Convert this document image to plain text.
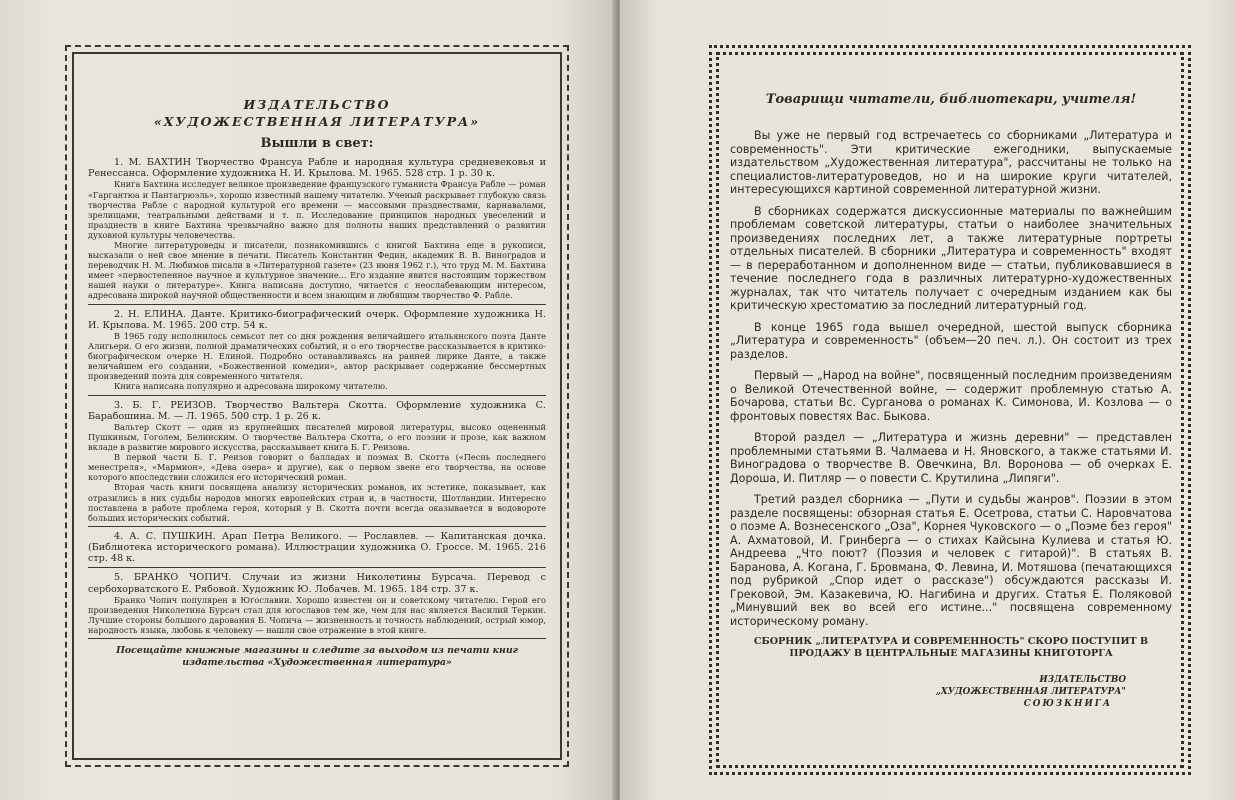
ИЗДАТЕЛЬСТВО
«ХУДОЖЕСТВЕННАЯ ЛИТЕРАТУРА»
Вышли в свет:

1. М. БАХТИН Творчество Франсуа Рабле и народная культура средневековья и Ренессанса. Оформление художника Н. И. Крылова. М. 1965. 528 стр. 1 р. 30 к.

Книга Бахтина исследует великое произведение французского гуманиста Франсуа Рабле — роман «Гаргантюа и Пантагрюэль», хорошо известный нашему читателю. Ученый раскрывает глубокую связь творчества Рабле с народной культурой его времени — массовыми празднествами, карнавалами, зрелищами, театральными действами и т. п. Исследование принципов народных увеселений и празднеств в книге Бахтина чрезвычайно важно для полноты наших представлений о развитии духовной культуры человечества.

Многие литературоведы и писатели, познакомившись с книгой Бахтина еще в рукописи, высказали о ней свое мнение в печати. Писатель Константин Федин, академик В. В. Виноградов и переводчик Н. М. Любимов писали в «Литературной газете» (23 июня 1962 г.), что труд М. М. Бахтина имеет «первостепенное научное и культурное значение... Его издание явится настоящим торжеством нашей науки о литературе». Книга написана доступно, читается с неослабевающим интересом, адресована широкой научной общественности и всем знающим и любящим творчество Ф. Рабле.

2. Н. ЕЛИНА. Данте. Критико-биографический очерк. Оформление художника Н. И. Крылова. М. 1965. 200 стр. 54 к.

В 1965 году исполнилось семьсот лет со дня рождения величайшего итальянского поэта Данте Алигьери. О его жизни, полной драматических событий, и о его творчестве рассказывается в критико-биографическом очерке Н. Елиной. Подробно останавливаясь на ранней лирике Данте, а также величайшем его создании, «Божественной комедии», автор раскрывает содержание бессмертных произведений поэта для современного читателя.

Книга написана популярно и адресована широкому читателю.

3. Б. Г. РЕИЗОВ. Творчество Вальтера Скотта. Оформление художника С. Барабошина. М. — Л. 1965. 500 стр. 1 р. 26 к.

Вальтер Скотт — один из крупнейших писателей мировой литературы, высоко оцененный Пушкиным, Гоголем, Белинским. О творчестве Вальтера Скотта, о его поэзии и прозе, как важном вкладе в развитие мирового искусства, рассказывает книга Б. Г. Реизова.

В первой части Б. Г. Реизов говорит о балладах и поэмах В. Скотта («Песнь последнего менестреля», «Мармион», «Дева озера» и другие), как о первом звене его творчества, на основе которого впоследствии сложился его исторический роман.

Вторая часть книги посвящена анализу исторических романов, их эстетике, показывает, как отразились в них судьбы народов многих европейских стран и, в частности, Шотландии. Интересно поставлена в работе проблема героя, который у В. Скотта почти всегда оказывается в водовороте больших исторических событий.

4. А. С. ПУШКИН. Арап Петра Великого. — Рославлев. — Капитанская дочка. (Библиотека исторического романа). Иллюстрации художника О. Гроссе. М. 1965. 216 стр. 48 к.

5. БРАНКО ЧОПИЧ. Случаи из жизни Николетины Бурсача. Перевод с сербохорватского Е. Рябовой. Художник Ю. Лобачев. М. 1965. 184 стр. 37 к.

Бранко Чопич популярен в Югославии. Хорошо известен он и советскому читателю. Герой его произведения Николетина Бурсач стал для югославов тем же, чем для нас является Василий Теркин. Лучшие стороны большого дарования Б. Чопича — жизненность и точность наблюдений, острый юмор, народность языка, любовь к человеку — нашли свое отражение в этой книге.

Посещайте книжные магазины и следите за выходом из печати книг издательства «Художественная литература»
Товарищи читатели, библиотекари, учителя!

Вы уже не первый год встречаетесь со сборниками „Литература и современность". Эти критические ежегодники, выпускаемые издательством „Художественная литература", рассчитаны не только на специалистов-литературоведов, но и на широкие круги читателей, интересующихся картиной современной литературной жизни.

В сборниках содержатся дискуссионные материалы по важнейшим проблемам советской литературы, статьи о наиболее значительных произведениях последних лет, а также литературные портреты отдельных писателей. В сборники „Литература и современность" входят — в переработанном и дополненном виде — статьи, публиковавшиеся в течение последнего года в различных литературно-художественных журналах, так что читатель получает с очередным изданием как бы критическую хрестоматию за последний литературный год.

В конце 1965 года вышел очередной, шестой выпуск сборника „Литература и современность" (объем—20 печ. л.). Он состоит из трех разделов.

Первый — „Народ на войне", посвященный последним произведениям о Великой Отечественной войне, — содержит проблемную статью А. Бочарова, статьи Вс. Сурганова о романах К. Симонова, И. Козлова — о фронтовых повестях Вас. Быкова.

Второй раздел — „Литература и жизнь деревни" — представлен проблемными статьями В. Чалмаева и Н. Яновского, а также статьями И. Виноградова о творчестве В. Овечкина, Вл. Воронова — об очерках Е. Дороша, И. Питляр — о повести С. Крутилина „Липяги".

Третий раздел сборника — „Пути и судьбы жанров". Поэзии в этом разделе посвящены: обзорная статья Е. Осетрова, статьи С. Наровчатова о поэме А. Вознесенского „Оза", Корнея Чуковского — о „Поэме без героя" А. Ахматовой, И. Гринберга — о стихах Кайсына Кулиева и статья Ю. Андреева „Что поют? (Поэзия и человек с гитарой)". В статьях В. Баранова, А. Когана, Г. Бровмана, Ф. Левина, И. Мотяшова (печатающихся под рубрикой „Спор идет о рассказе") обсуждаются рассказы И. Грековой, Эм. Казакевича, Ю. Нагибина и других. Статья Е. Поляковой „Минувший век во всей его истине..." посвящена современному историческому роману.

СБОРНИК „ЛИТЕРАТУРА И СОВРЕМЕННОСТЬ" СКОРО ПОСТУПИТ В ПРОДАЖУ В ЦЕНТРАЛЬНЫЕ МАГАЗИНЫ КНИГОТОРГА
ИЗДАТЕЛЬСТВО
„ХУДОЖЕСТВЕННАЯ ЛИТЕРАТУРА"
СОЮЗКНИГА
